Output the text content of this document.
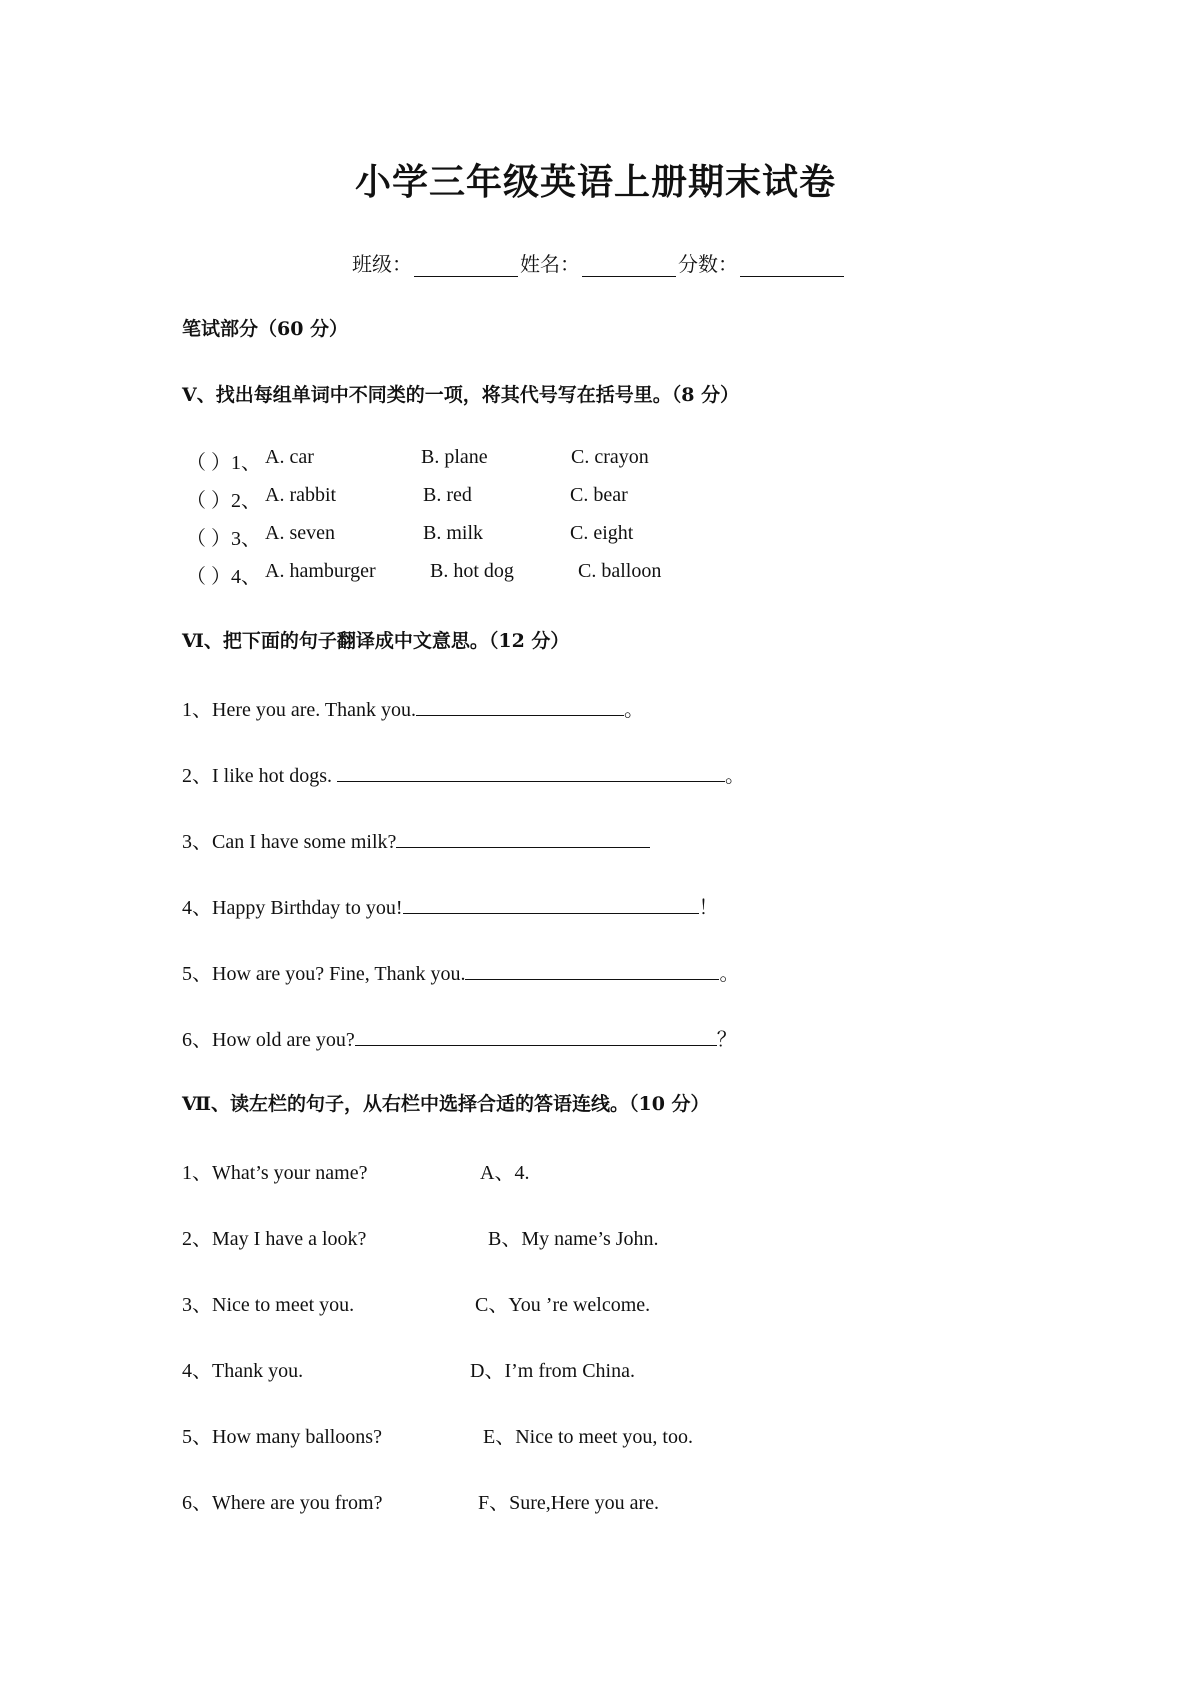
小学三年级英语上册期末试卷
班级：	姓名：	分数：
笔试部分（60 分）
Ⅴ、找出每组单词中不同类的一项，将其代号写在括号里。（8 分）
（ ）1、 A. car	B. plane	C. crayon
（ ）2、 A. rabbit	B. red	C. bear
（ ）3、 A. seven	B. milk	C. eight
（ ）4、 A. hamburger	B. hot dog	C. balloon
Ⅵ、把下面的句子翻译成中文意思。（12 分）
1、Here you are. Thank you.	。
2、I like hot dogs.	。
3、Can I have some milk?
4、Happy Birthday to you!	！
5、How are you? Fine, Thank you.	。
6、How old are you?	？
Ⅶ、读左栏的句子，从右栏中选择合适的答语连线。（10 分）
1、What’s your name?	A、4.
2、May I have a look?	B、My name’s John.
3、Nice to meet you.	C、You ’re welcome.
4、Thank you.	D、I’m from China.
5、How many balloons?	E、Nice to meet you, too.
6、Where are you from?	F、Sure,Here you are.
